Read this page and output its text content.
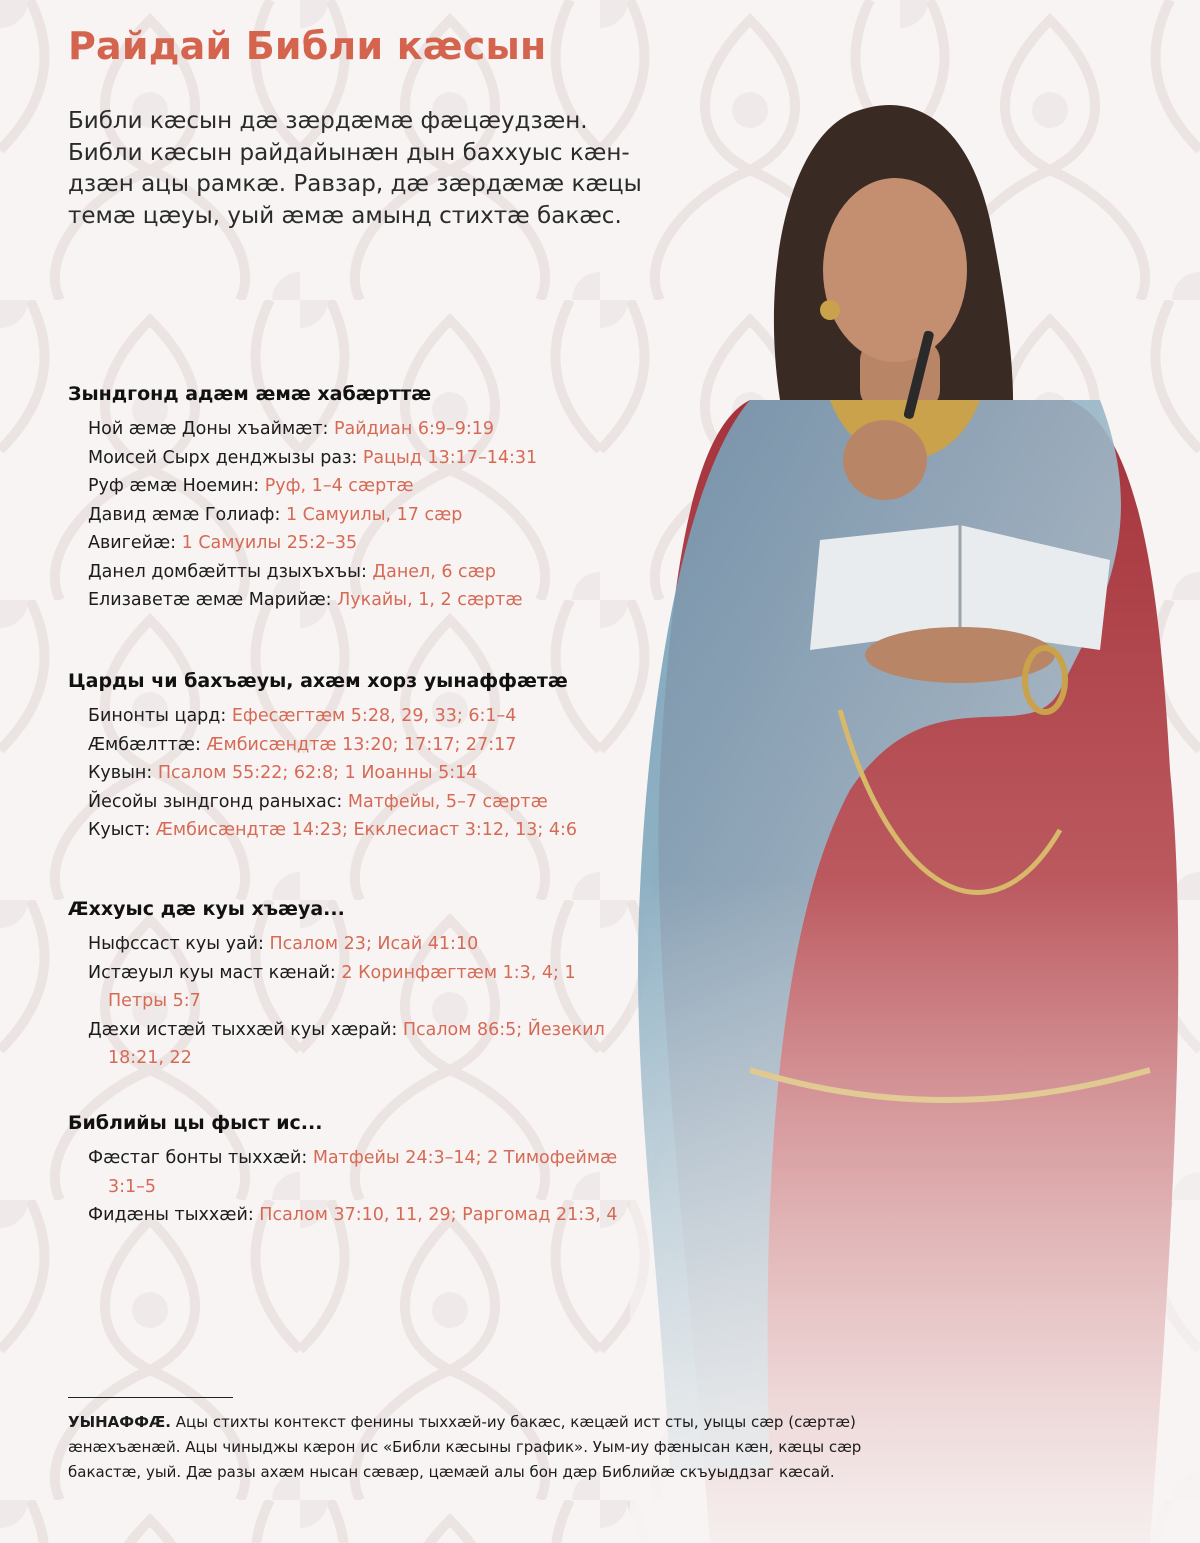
Райдай Библи кæсын

Библи кæсын дæ зæрдæмæ фæцæудзæн. Библи кæсын райдайынæн дын баххуыс кæн-дзæн ацы рамкæ. Равзар, дæ зæрдæмæ кæцы темæ цæуы, уый æмæ амынд стихтæ бакæс.

Зындгонд адæм æмæ хабæрттæ
Ной æмæ Доны хъаймæт: Райдиан 6:9–9:19
Моисей Сырх денджызы раз: Рацыд 13:17–14:31
Руф æмæ Ноемин: Руф, 1–4 сæртæ
Давид æмæ Голиаф: 1 Самуилы, 17 сæр
Авигейæ: 1 Самуилы 25:2–35
Данел домбæйтты дзыхъхъы: Данел, 6 сæр
Елизаветæ æмæ Марийæ: Лукайы, 1, 2 сæртæ
Царды чи бахъæуы, ахæм хорз уынаффæтæ
Бинонты цард: Ефесæгтæм 5:28, 29, 33; 6:1–4
Æмбæлттæ: Æмбисæндтæ 13:20; 17:17; 27:17
Кувын: Псалом 55:22; 62:8; 1 Иоанны 5:14
Йесойы зындгонд раныхас: Матфейы, 5–7 сæртæ
Куыст: Æмбисæндтæ 14:23; Екклесиаст 3:12, 13; 4:6
Æххуыс дæ куы хъæуа...
Ныфссаст куы уай: Псалом 23; Исай 41:10
Истæуыл куы маст кæнай: 2 Коринфæгтæм 1:3, 4; 1 Петры 5:7
Дæхи истæй тыххæй куы хæрай: Псалом 86:5; Йезекил 18:21, 22
Библийы цы фыст ис...
Фæстаг бонты тыххæй: Матфейы 24:3–14; 2 Тимофеймæ 3:1–5
Фидæны тыххæй: Псалом 37:10, 11, 29; Раргомад 21:3, 4

УЫНАФФÆ. Ацы стихты контекст фенины тыххæй-иу бакæс, кæцæй ист сты, уыцы сæр (сæртæ) æнæхъæнæй. Ацы чиныджы кæрон ис «Библи кæсыны график». Уым-иу фæнысан кæн, кæцы сæр бакастæ, уый. Дæ разы ахæм нысан сæвæр, цæмæй алы бон дæр Библийæ скъуыддзаг кæсай.
